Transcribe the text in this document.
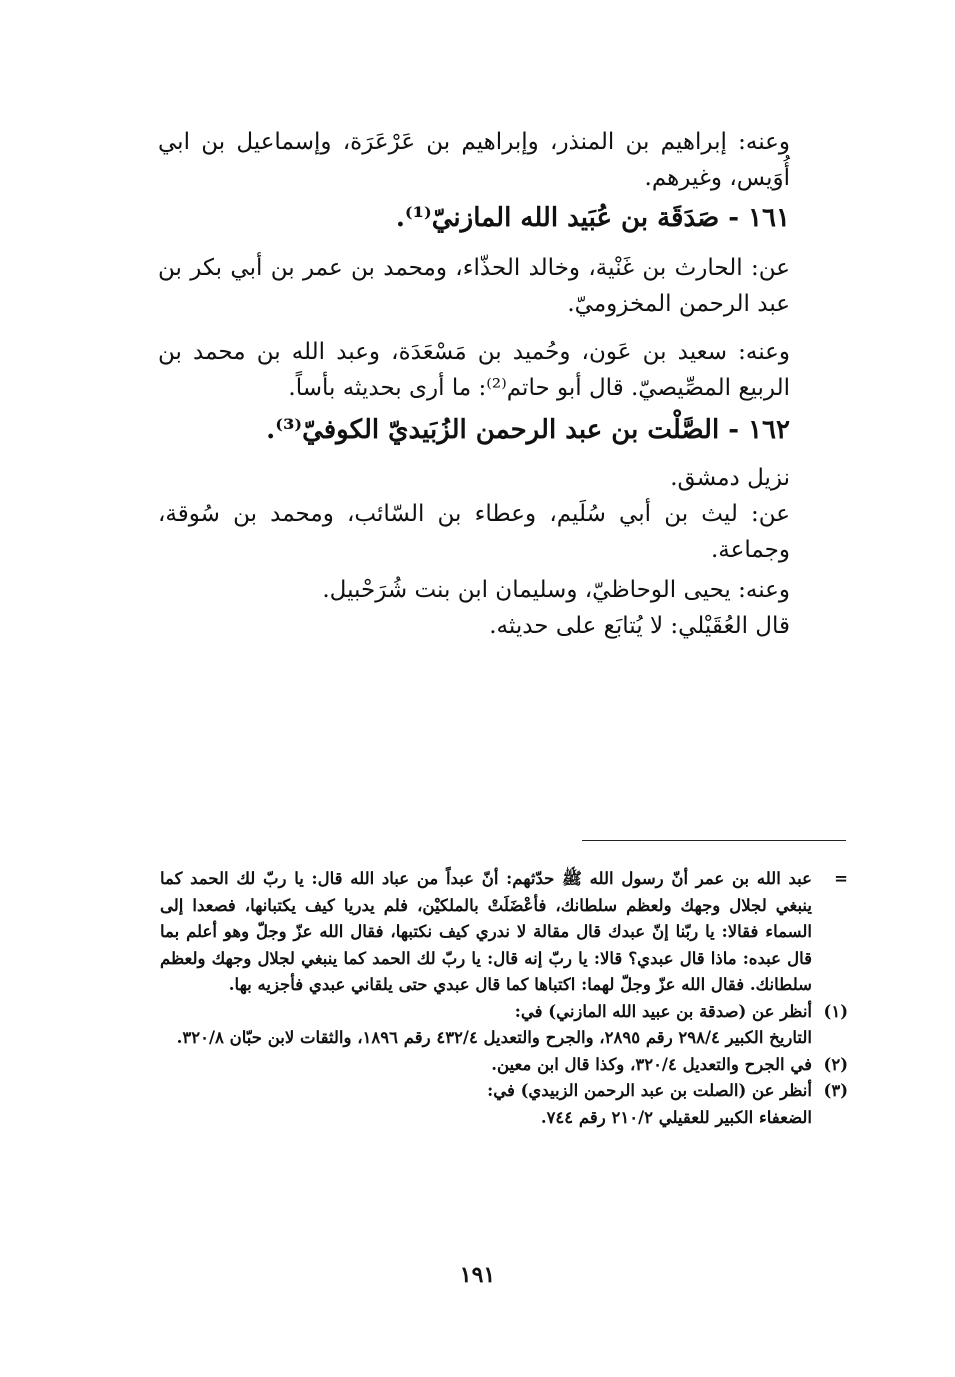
وعنه: إبراهيم بن المنذر، وإبراهيم بن عَرْعَرَة، وإسماعيل بن ابي أُوَيس، وغيرهم.

١٦١ - صَدَقَة بن عُبَيد الله المازنيّ⁽¹⁾.

عن: الحارث بن غَنْية، وخالد الحذّاء، ومحمد بن عمر بن أبي بكر بن عبد الرحمن المخزوميّ.

وعنه: سعيد بن عَون، وحُميد بن مَسْعَدَة، وعبد الله بن محمد بن الربيع المصِّيصيّ. قال أبو حاتم⁽²⁾: ما أرى بحديثه بأساً.

١٦٢ - الصَّلْت بن عبد الرحمن الزُبَيديّ الكوفيّ⁽³⁾.

نزيل دمشق.

عن: ليث بن أبي سُلَيم، وعطاء بن السّائب، ومحمد بن سُوقة، وجماعة.

وعنه: يحيى الوحاظيّ، وسليمان ابن بنت شُرَحْبيل.

قال العُقَيْلي: لا يُتابَع على حديثه.

=
عبد الله بن عمر أنّ رسول الله ﷺ حدّثهم: أنّ عبداً من عباد الله قال: يا ربّ لك الحمد كما ينبغي لجلال وجهك ولعظم سلطانك، فأعْضَلَتْ بالملكيْن، فلم يدريا كيف يكتبانها، فصعدا إلى السماء فقالا: يا ربّنا إنّ عبدك قال مقالة لا ندري كيف نكتبها، فقال الله عزّ وجلّ وهو أعلم بما قال عبده: ماذا قال عبدي؟ قالا: يا ربّ إنه قال: يا ربّ لك الحمد كما ينبغي لجلال وجهك ولعظم سلطانك. فقال الله عزّ وجلّ لهما: اكتباها كما قال عبدي حتى يلقاني عبدي فأجزيه بها.
(١)

أنظر عن (صدقة بن عبيد الله المازني) في:

التاريخ الكبير ٢٩٨/٤ رقم ٢٨٩٥، والجرح والتعديل ٤٣٢/٤ رقم ١٨٩٦، والثقات لابن حبّان ٣٢٠/٨.

(٢)
في الجرح والتعديل ٣٢٠/٤، وكذا قال ابن معين.
(٣)

أنظر عن (الصلت بن عبد الرحمن الزبيدي) في:

الضعفاء الكبير للعقيلي ٢١٠/٢ رقم ٧٤٤.

١٩١
